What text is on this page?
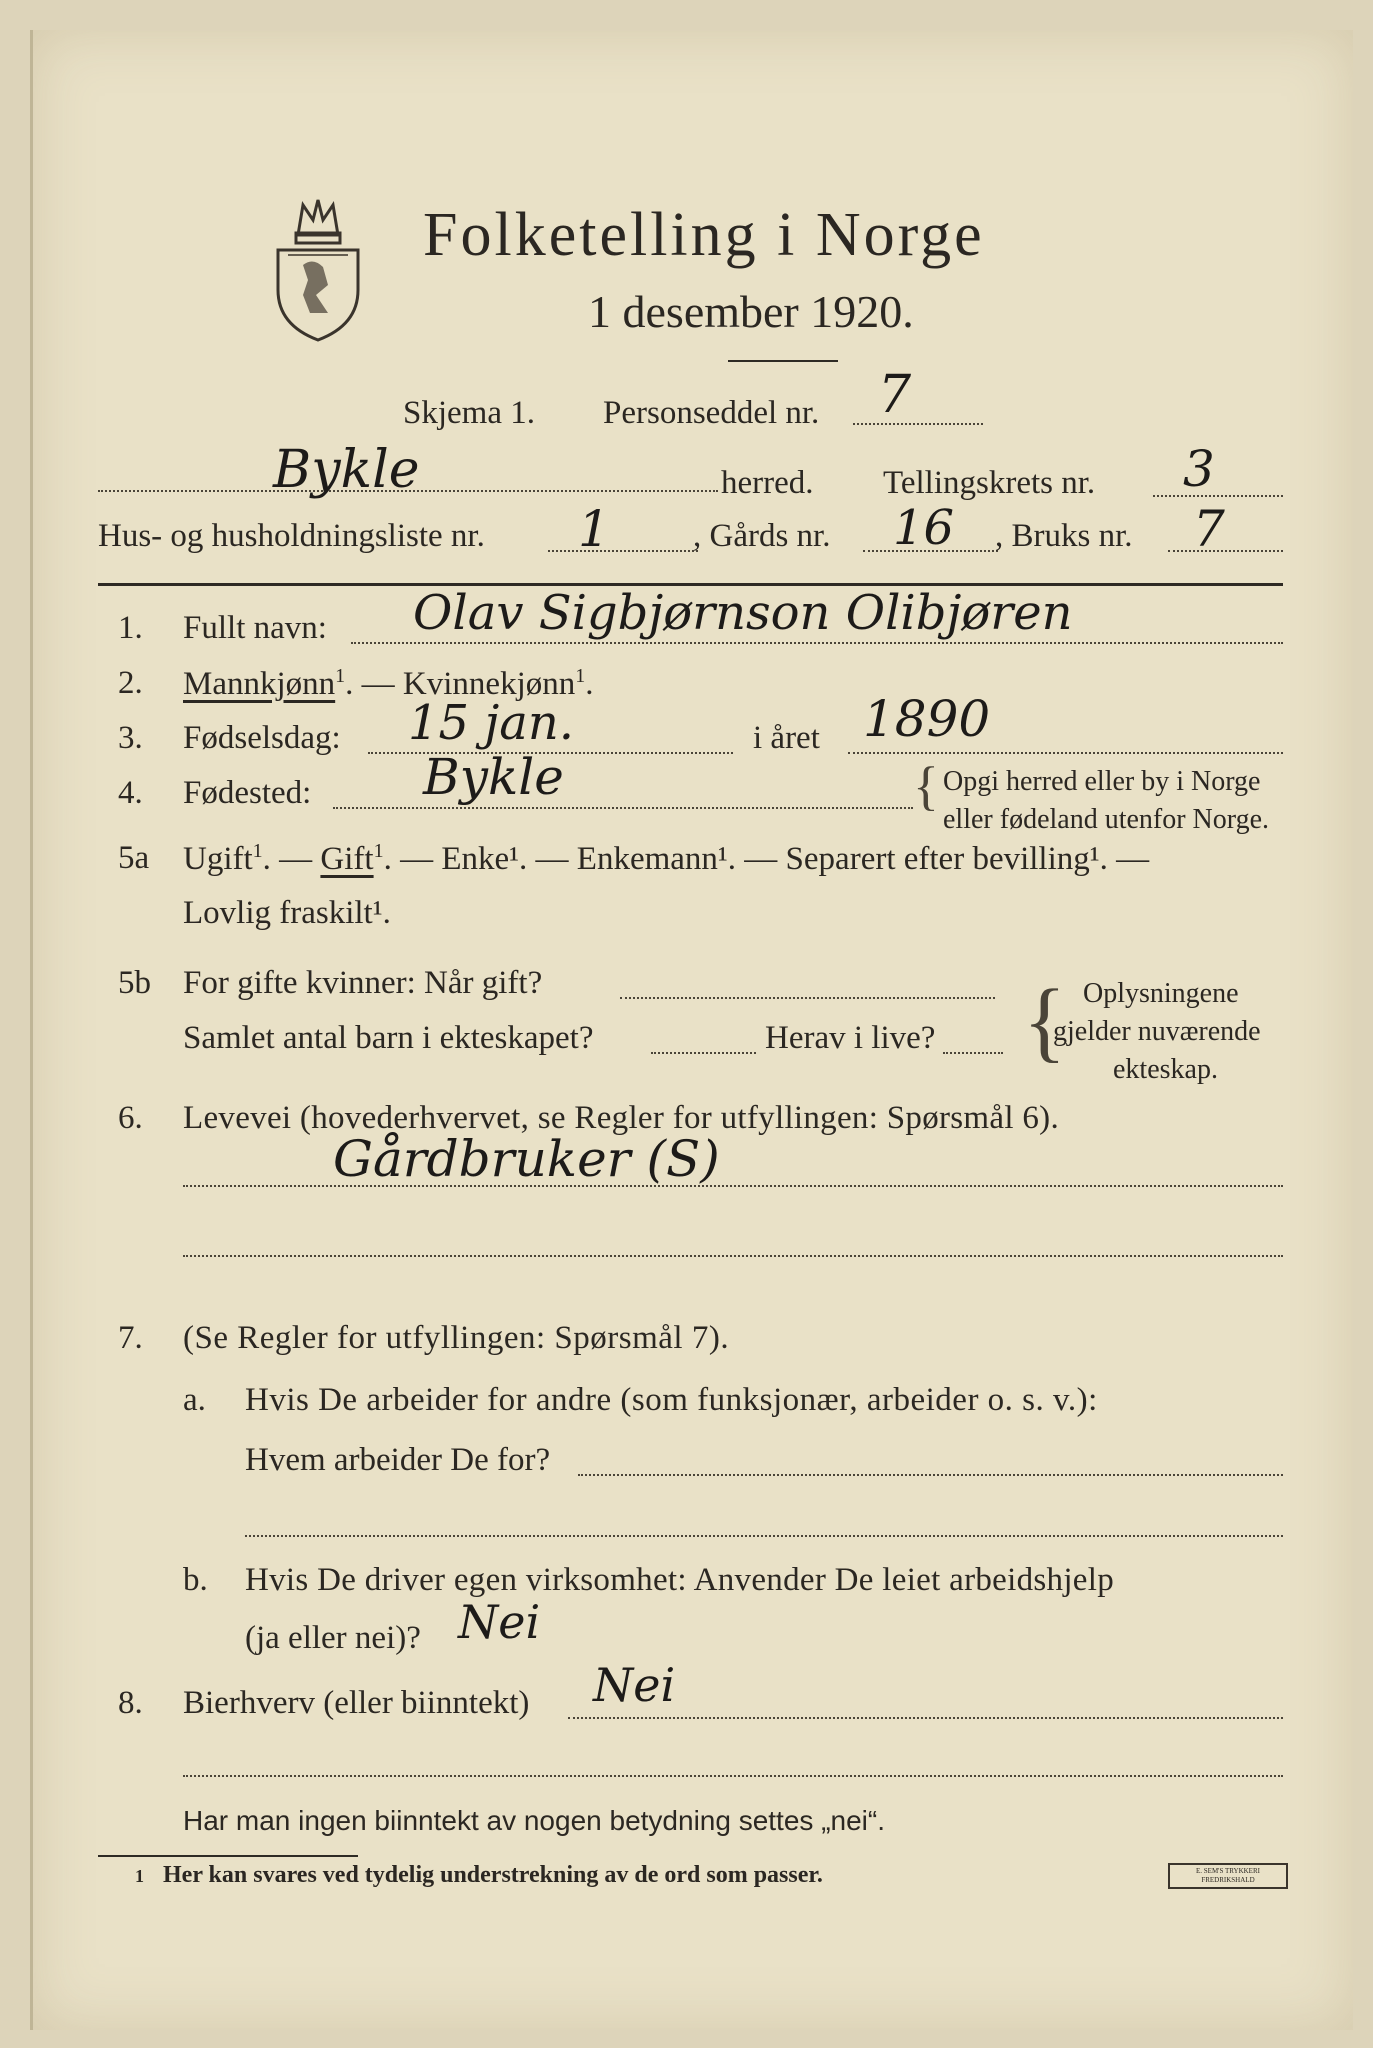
Folketelling i Norge
1 desember 1920.
Skjema 1. Personseddel nr. 7
Bykle	herred. Tellingskrets nr. 3
Hus- og husholdningsliste nr. 1	, Gårds nr. 16 , Bruks nr. 7
1. Fullt navn: Olav Sigbjørnson Olibjøren
2. Mannkjønn$^1$. — Kvinnekjønn$^1$.
3. Fødselsdag: 15 jan.	i året 1890
4. Fødested: Bykle	{ Opgi herred eller by i Norge
eller fødeland utenfor Norge.
5a Ugift$^1$. — Gift$^1$. — Enke¹. — Enkemann¹. — Separert efter bevilling¹. —
Lovlig fraskilt¹.
5b For gifte kvinner: Når gift?
Samlet antal barn i ekteskapet?	Herav i live? { Oplysningene
gjelder nuværende
ekteskap.
6. Levevei (hovederhvervet, se Regler for utfyllingen: Spørsmål 6).
Gårdbruker (S)
7. (Se Regler for utfyllingen: Spørsmål 7).
a. Hvis De arbeider for andre (som funksjonær, arbeider o. s. v.):
Hvem arbeider De for?
b. Hvis De driver egen virksomhet: Anvender De leiet arbeidshjelp
(ja eller nei)? Nei
8. Bierhverv (eller biinntekt) Nei
Har man ingen biinntekt av nogen betydning settes „nei“.
1 Her kan svares ved tydelig understrekning av de ord som passer.	E. SEM'S TRYKKERI FREDRIKSHALD
